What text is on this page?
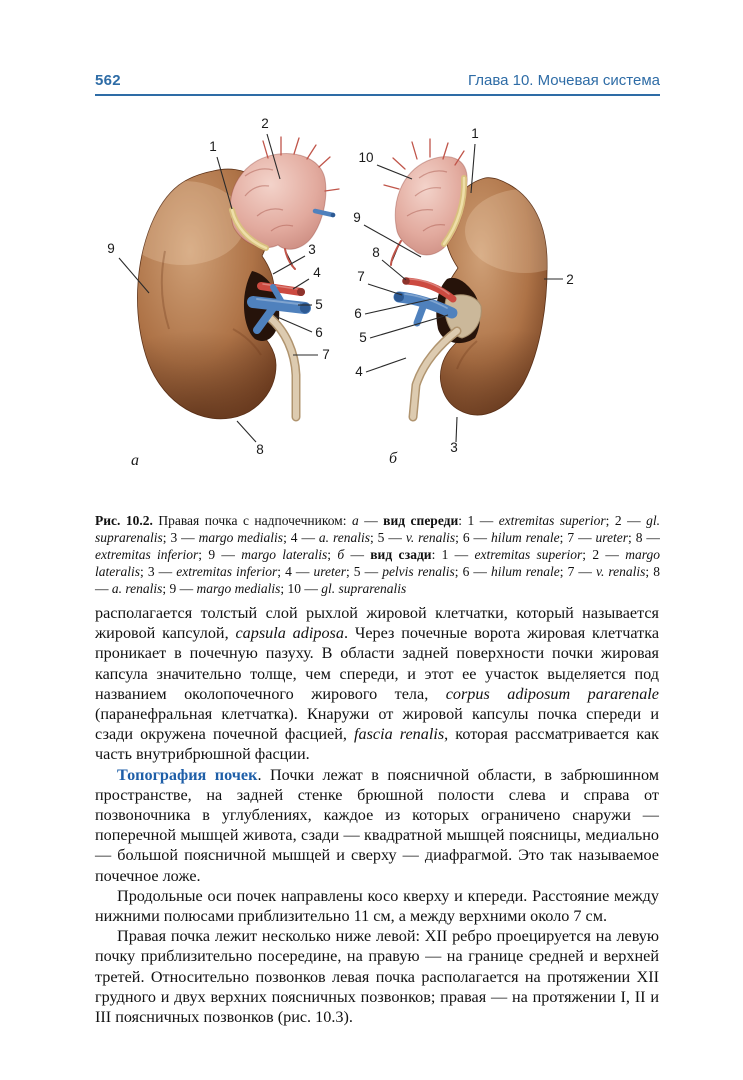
562	Глава 10. Мочевая система
1
2
3
4
5
6
7
8
9
а
1
2
3
4
5
6
7
8
9
10
б

Рис. 10.2. Правая почка с надпочечником: а — вид спереди: 1 — extremitas superior; 2 — gl. suprarenalis; 3 — margo medialis; 4 — a. renalis; 5 — v. renalis; 6 — hilum renale; 7 — ureter; 8 — extremitas inferior; 9 — margo lateralis; б — вид сзади: 1 — extremitas superior; 2 — margo lateralis; 3 — extremitas inferior; 4 — ureter; 5 — pelvis renalis; 6 — hilum renale; 7 — v. renalis; 8 — a. renalis; 9 — margo medialis; 10 — gl. suprarenalis

располагается толстый слой рыхлой жировой клетчатки, который называется жировой капсулой, capsula adiposa. Через почечные ворота жировая клетчатка проникает в почечную пазуху. В области задней поверхности почки жировая капсула значительно толще, чем спереди, и этот ее участок выделяется под названием околопочечного жирового тела, corpus adiposum pararenale (паранефральная клетчатка). Кнаружи от жировой капсулы почка спереди и сзади окружена почечной фасцией, fascia renalis, которая рассматривается как часть внутрибрюшной фасции.

Топография почек. Почки лежат в поясничной области, в забрюшинном пространстве, на задней стенке брюшной полости слева и справа от позвоночника в углублениях, каждое из которых ограничено снаружи — поперечной мышцей живота, сзади — квадратной мышцей поясницы, медиально — большой поясничной мышцей и сверху — диафрагмой. Это так называемое почечное ложе.

Продольные оси почек направлены косо кверху и кпереди. Расстояние между нижними полюсами приблизительно 11 см, а между верхними около 7 см.

Правая почка лежит несколько ниже левой: XII ребро проецируется на левую почку приблизительно посередине, на правую — на границе средней и верхней третей. Относительно позвонков левая почка располагается на протяжении XII грудного и двух верхних поясничных позвонков; правая — на протяжении I, II и III поясничных позвонков (рис. 10.3).
